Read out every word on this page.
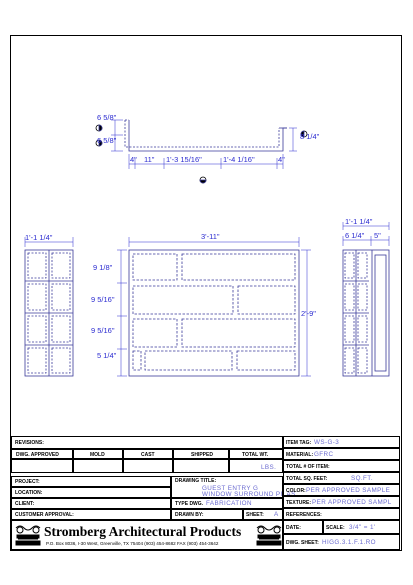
6 5/8"
6 5/8"	8 1/4"
4" 11" 1'-3 15/16"	1'-4 1/16"	4"
1'-1 1/4"	3'-11"
9 1/8"
9 5/16"
9 5/16"
5 1/4"
2'-9"
1'-1 1/4"
6 1/4" 5"
REVISIONS:
DWG. APPROVED	MOLD	CAST	SHIPPED	TOTAL WT.
LBS.
PROJECT:
LOCATION:
CLIENT:
CUSTOMER APPROVAL:
DRAWING TITLE:
GUEST ENTRY G
WINDOW SURROUND PILAS
TYPE DWG. FABRICATION
DRAWN BY:	SHEET: A
Stromberg Architectural Products
P.O. Box 8036, I-30 West, Greenville, TX 75404 (903) 454-8682 FAX (903) 454-3642
ITEM TAG: WS-G-3
MATERIAL: GFRC
TOTAL # OF ITEM:
TOTAL SQ. FEET:	SQ.FT.
COLOR: PER APPROVED SAMPLE
TEXTURE: PER APPROVED SAMPL
REFERENCES:
DATE:	SCALE: 3/4" = 1'
DWG. SHEET: HIGG.3.1.F.1.RO
